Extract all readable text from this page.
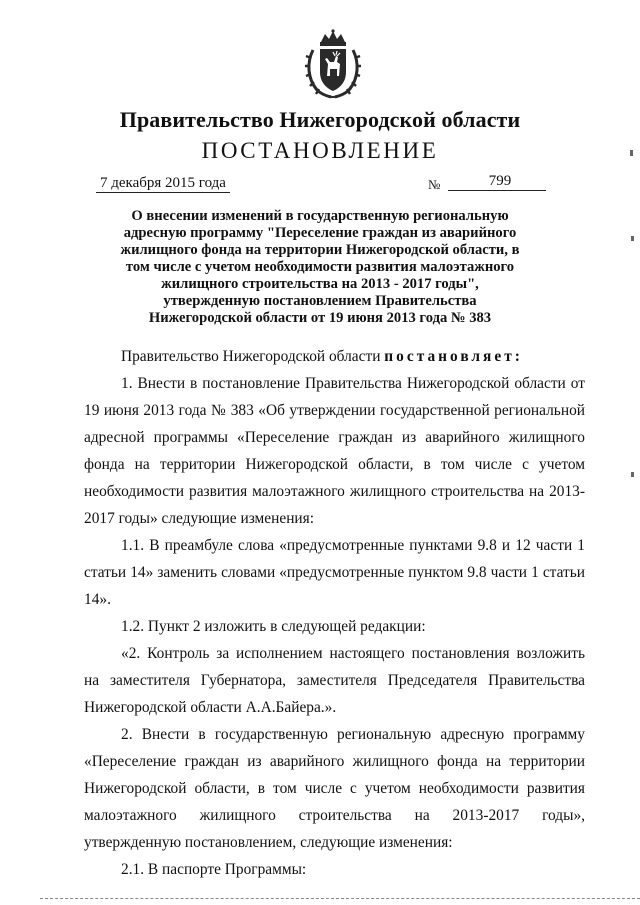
Правительство Нижегородской области
ПОСТАНОВЛЕНИЕ
7 декабря 2015 года	№	799

О внесении изменений в государственную региональную
адресную программу "Переселение граждан из аварийного
жилищного фонда на территории Нижегородской области, в
том числе с учетом необходимости развития малоэтажного
жилищного строительства на 2013 - 2017 годы",
утвержденную постановлением Правительства
Нижегородской области от 19 июня 2013 года № 383

Правительство Нижегородской области постановляет:

1. Внести в постановление Правительства Нижегородской области от 19 июня 2013 года № 383 «Об утверждении государственной региональной адресной программы «Переселение граждан из аварийного жилищного фонда на территории Нижегородской области, в том числе с учетом необходимости развития малоэтажного жилищного строительства на 2013-2017 годы» следующие изменения:

1.1. В преамбуле слова «предусмотренные пунктами 9.8 и 12 части 1 статьи 14» заменить словами «предусмотренные пунктом 9.8 части 1 статьи 14».

1.2. Пункт 2 изложить в следующей редакции:

«2. Контроль за исполнением настоящего постановления возложить на заместителя Губернатора, заместителя Председателя Правительства Нижегородской области А.А.Байера.».

2. Внести в государственную региональную адресную программу «Переселение граждан из аварийного жилищного фонда на территории Нижегородской области, в том числе с учетом необходимости развития малоэтажного жилищного строительства на 2013-2017 годы», утвержденную постановлением, следующие изменения:

2.1. В паспорте Программы:
